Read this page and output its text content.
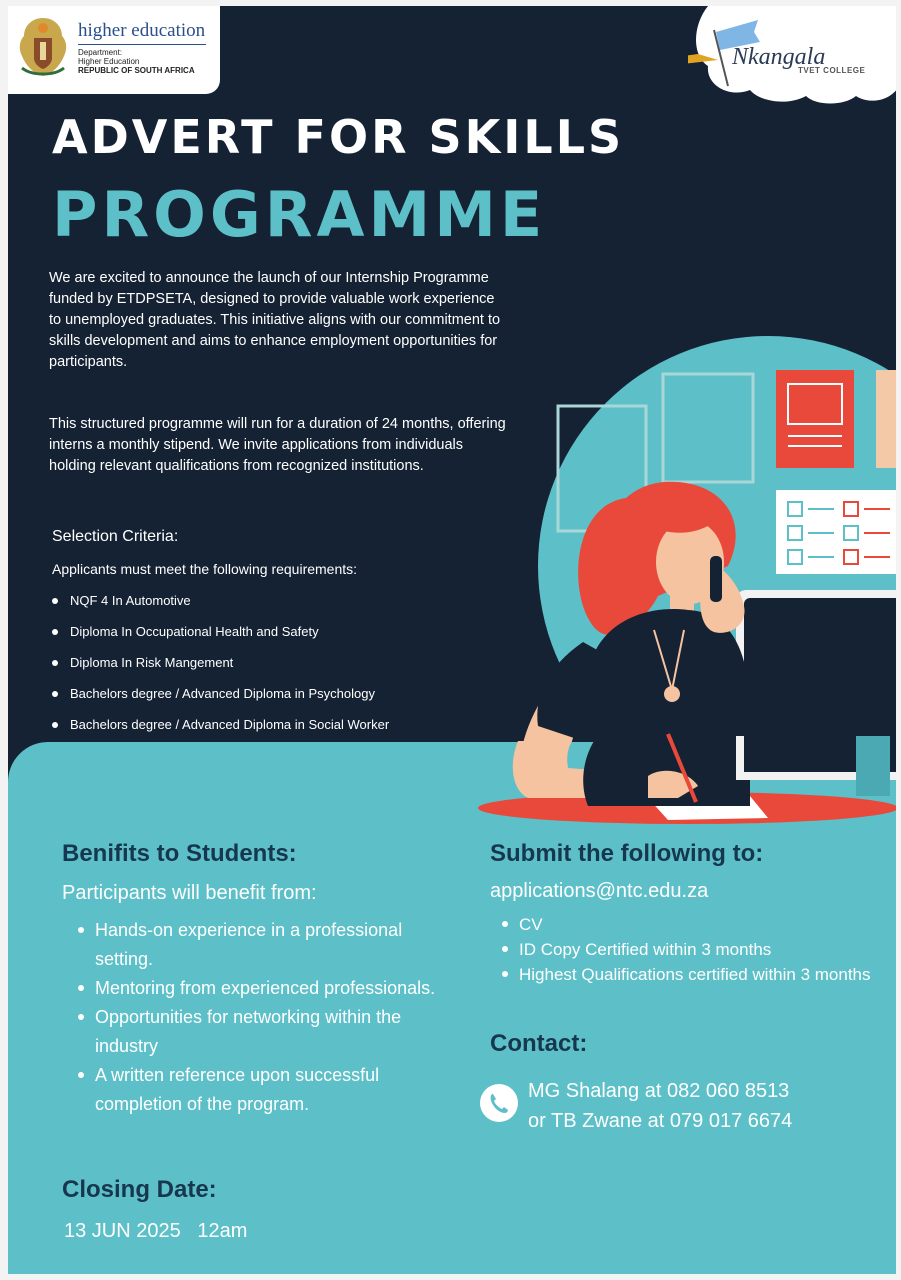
higher education
Department:
Higher Education
REPUBLIC OF SOUTH AFRICA
Nkangala
TVET COLLEGE
ADVERT FOR SKILLS
PROGRAMME
We are excited to announce the launch of our Internship Programme funded by ETDPSETA, designed to provide valuable work experience to unemployed graduates. This initiative aligns with our commitment to skills development and aims to enhance employment opportunities for participants.
This structured programme will run for a duration of 24 months, offering interns a monthly stipend. We invite applications from individuals holding relevant qualifications from recognized institutions.
Selection Criteria:
Applicants must meet the following requirements:
NQF 4 In Automotive
Diploma In Occupational Health and Safety
Diploma In Risk Mangement
Bachelors degree / Advanced Diploma in Psychology
Bachelors degree / Advanced Diploma in Social Worker
Benifits to Students:
Participants will benefit from:
Hands-on experience in a professional setting.
Mentoring from experienced professionals.
Opportunities for networking within the industry
A written reference upon successful completion of the program.
Submit the following to:
applications@ntc.edu.za
CV
ID Copy Certified within 3 months
Highest Qualifications certified within 3 months
Contact:
MG Shalang at 082 060 8513
or TB Zwane at 079 017 6674
Closing Date:
13 JUN 2025   12am
